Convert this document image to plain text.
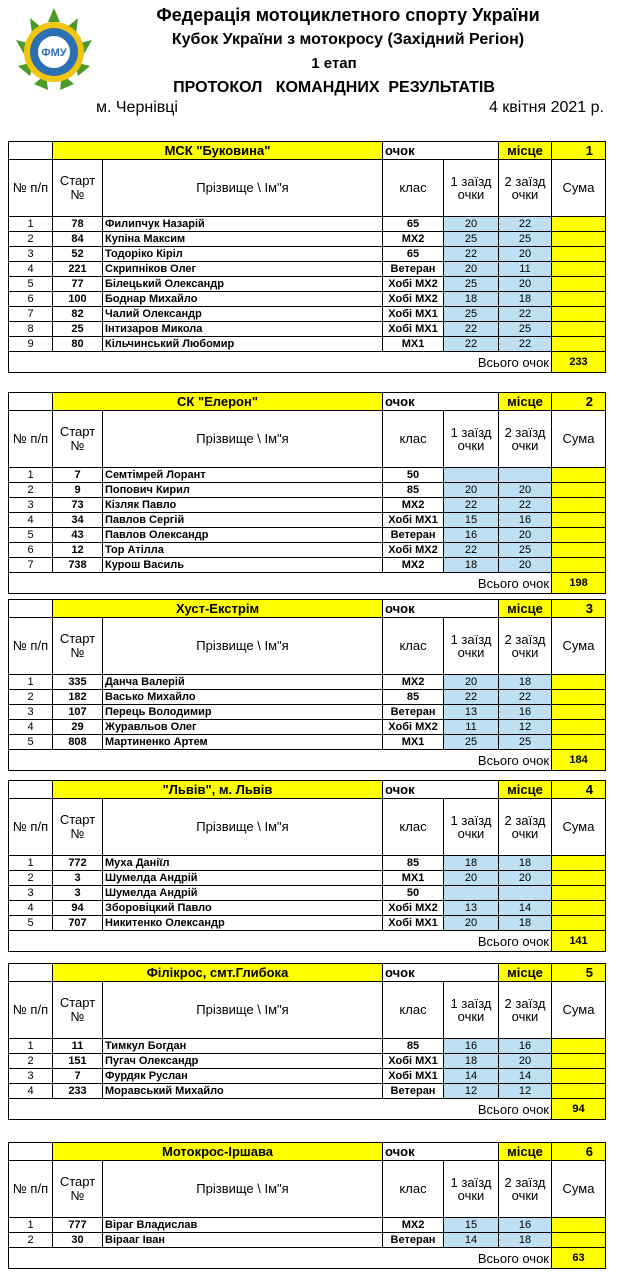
ФМУ
Федерація мотоциклетного спорту України
Кубок України з мотокросу (Західний Регіон)
1 етап
ПРОТОКОЛ   КОМАНДНИХ  РЕЗУЛЬТАТІВ
м. Чернівці	4 квітня 2021 р.
	МСК "Буковина"		очок		місце	1
№ п/п	Старт №	Прізвище \ Ім"я	клас	1 заїзд очки	2 заїзд очки	Сума
1	78	Филипчук Назарій	65	20	22	
2	84	Купіна Максим	MX2	25	25	
3	52	Тодоріко Кіріл	65	22	20	
4	221	Скрипніков Олег	Ветеран	20	11	
5	77	Білецький Олександр	Хобі MX2	25	20	
6	100	Боднар Михайло	Хобі MX2	18	18	
7	82	Чалий Олександр	Хобі MX1	25	22	
8	25	Інтизаров Микола	Хобі MX1	22	25	
9	80	Кільчинський Любомир	MX1	22	22	
Всього очок						233
	СК "Елерон"		очок		місце	2
№ п/п	Старт №	Прізвище \ Ім"я	клас	1 заїзд очки	2 заїзд очки	Сума
1	7	Семтімрей Лорант	50			
2	9	Попович Кирил	85	20	20	
3	73	Кізляк Павло	MX2	22	22	
4	34	Павлов Сергій	Хобі MX1	15	16	
5	43	Павлов Олександр	Ветеран	16	20	
6	12	Тор Атілла	Хобі MX2	22	25	
7	738	Курош Василь	MX2	18	20	
Всього очок						198
	Хуст-Екстрім		очок		місце	3
№ п/п	Старт №	Прізвище \ Ім"я	клас	1 заїзд очки	2 заїзд очки	Сума
1	335	Данча Валерій	MX2	20	18	
2	182	Васько Михайло	85	22	22	
3	107	Перець Володимир	Ветеран	13	16	
4	29	Журавльов Олег	Хобі MX2	11	12	
5	808	Мартиненко Артем	MX1	25	25	
Всього очок						184
	"Львів", м. Львів		очок		місце	4
№ п/п	Старт №	Прізвище \ Ім"я	клас	1 заїзд очки	2 заїзд очки	Сума
1	772	Муха Даніїл	85	18	18	
2	3	Шумелда Андрій	MX1	20	20	
3	3	Шумелда Андрій	50			
4	94	Зборовіцкий Павло	Хобі MX2	13	14	
5	707	Никитенко Олександр	Хобі MX1	20	18	
Всього очок						141
	Філікрос, смт.Глибока		очок		місце	5
№ п/п	Старт №	Прізвище \ Ім"я	клас	1 заїзд очки	2 заїзд очки	Сума
1	11	Тимкул Богдан	85	16	16	
2	151	Пугач Олександр	Хобі MX1	18	20	
3	7	Фурдяк Руслан	Хобі MX1	14	14	
4	233	Моравський Михайло	Ветеран	12	12	
Всього очок						94
	Мотокрос-Іршава		очок		місце	6
№ п/п	Старт №	Прізвище \ Ім"я	клас	1 заїзд очки	2 заїзд очки	Сума
1	777	Віраг Владислав	MX2	15	16	
2	30	Вірааг Іван	Ветеран	14	18	
Всього очок						63
